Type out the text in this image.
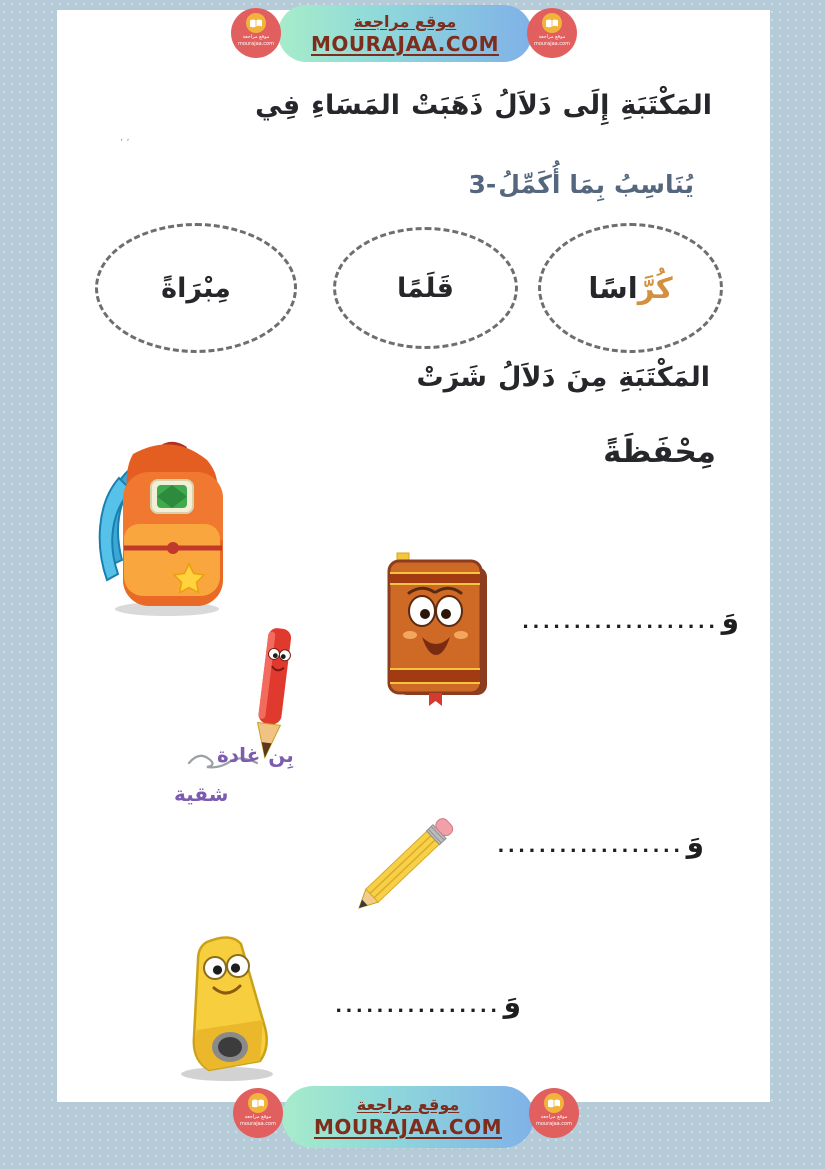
موقع مراجعة
MOURAJAA.COM
موقع مراجعة
mourajaa.com
موقع مراجعة
mourajaa.com
٬ ٬
فِي المَسَاءِ ذَهَبَتْ دَلاَلُ إِلَى المَكْتَبَةِ
3- أُكَمِّلُ بِمَا يُنَاسِبُ
كُرَّاسًا
قَلَمًا
مِبْرَاةً
شَرَتْ دَلاَلُ مِنَ المَكْتَبَةِ
مِحْفَظَةً
غادة بِن
شقية
................... وَ
.................. وَ
................ وَ
موقع مراجعة
MOURAJAA.COM
موقع مراجعة
mourajaa.com
موقع مراجعة
mourajaa.com
